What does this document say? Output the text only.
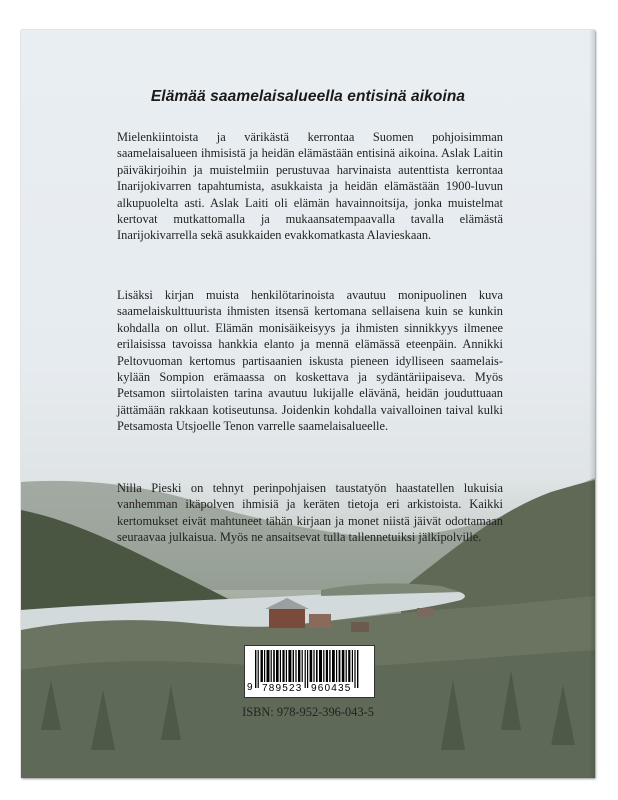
Elämää saamelaisalueella entisinä aikoina

Mielenkiintoista ja värikästä kerrontaa Suomen pohjoisimman saamelaisalueen ihmisistä ja heidän elämästään entisinä aikoina. Aslak Laitin päiväkirjoihin ja muistelmiin perustuvaa harvinaista autenttista kerrontaa Inarijokivarren tapahtumista, asukkaista ja heidän elämästään 1900-luvun alkupuolelta asti. Aslak Laiti oli elämän havainnoitsija, jonka muistelmat kertovat mutkattomalla ja mukaansatempaavalla tavalla elämästä Inarijokivarrella sekä asukkaiden evakkomatkasta Alavieskaan.

Lisäksi kirjan muista henkilötarinoista avautuu monipuolinen kuva saamelaiskulttuurista ihmisten itsensä kertomana sellaisena kuin se kunkin kohdalla on ollut. Elämän monisäikeisyys ja ihmisten sinnikkyys ilmenee erilaisissa tavoissa hankkia elanto ja mennä elämässä eteenpäin. Annikki Peltovuoman kertomus partisaanien iskusta pieneen idylliseen saamelaiskylään Sompion erämaassa on koskettava ja sydäntäriipaiseva. Myös Petsamon siirtolaisten tarina avautuu lukijalle elävänä, heidän jouduttuaan jättämään rakkaan kotiseutunsa. Joidenkin kohdalla vaivalloinen taival kulki Petsamosta Utsjoelle Tenon varrelle saamelaisalueelle.

Nilla Pieski on tehnyt perinpohjaisen taustatyön haastatellen lukuisia vanhemman ikäpolven ihmisiä ja keräten tietoja eri arkistoista. Kaikki kertomukset eivät mahtuneet tähän kirjaan ja monet niistä jäivät odottamaan seuraavaa julkaisua. Myös ne ansaitsevat tulla tallennetuiksi jälkipolville.

9 789523 960435
ISBN: 978-952-396-043-5
